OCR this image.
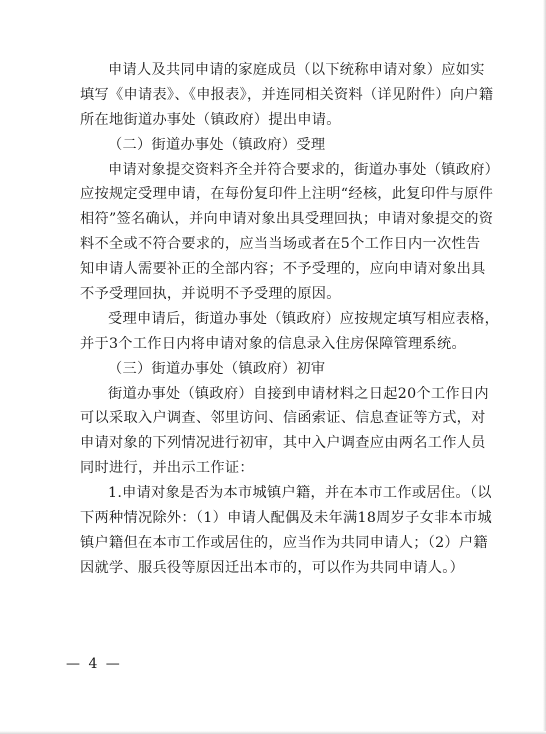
申请人及共同申请的家庭成员（以下统称申请对象）应如实
填写《申请表》、《申报表》，并连同相关资料（详见附件）向户籍
所在地街道办事处（镇政府）提出申请。
（二）街道办事处（镇政府）受理
申请对象提交资料齐全并符合要求的，街道办事处（镇政府）
应按规定受理申请，在每份复印件上注明“经核，此复印件与原件
相符”签名确认，并向申请对象出具受理回执；申请对象提交的资
料不全或不符合要求的，应当当场或者在5个工作日内一次性告
知申请人需要补正的全部内容；不予受理的，应向申请对象出具
不予受理回执，并说明不予受理的原因。
受理申请后，街道办事处（镇政府）应按规定填写相应表格，
并于3个工作日内将申请对象的信息录入住房保障管理系统。
（三）街道办事处（镇政府）初审
街道办事处（镇政府）自接到申请材料之日起20个工作日内
可以采取入户调查、邻里访问、信函索证、信息查证等方式，对
申请对象的下列情况进行初审，其中入户调查应由两名工作人员
同时进行，并出示工作证：
1.申请对象是否为本市城镇户籍，并在本市工作或居住。（以
下两种情况除外：（1）申请人配偶及未年满18周岁子女非本市城
镇户籍但在本市工作或居住的，应当作为共同申请人；（2）户籍
因就学、服兵役等原因迁出本市的，可以作为共同申请人。）
— 4 —
